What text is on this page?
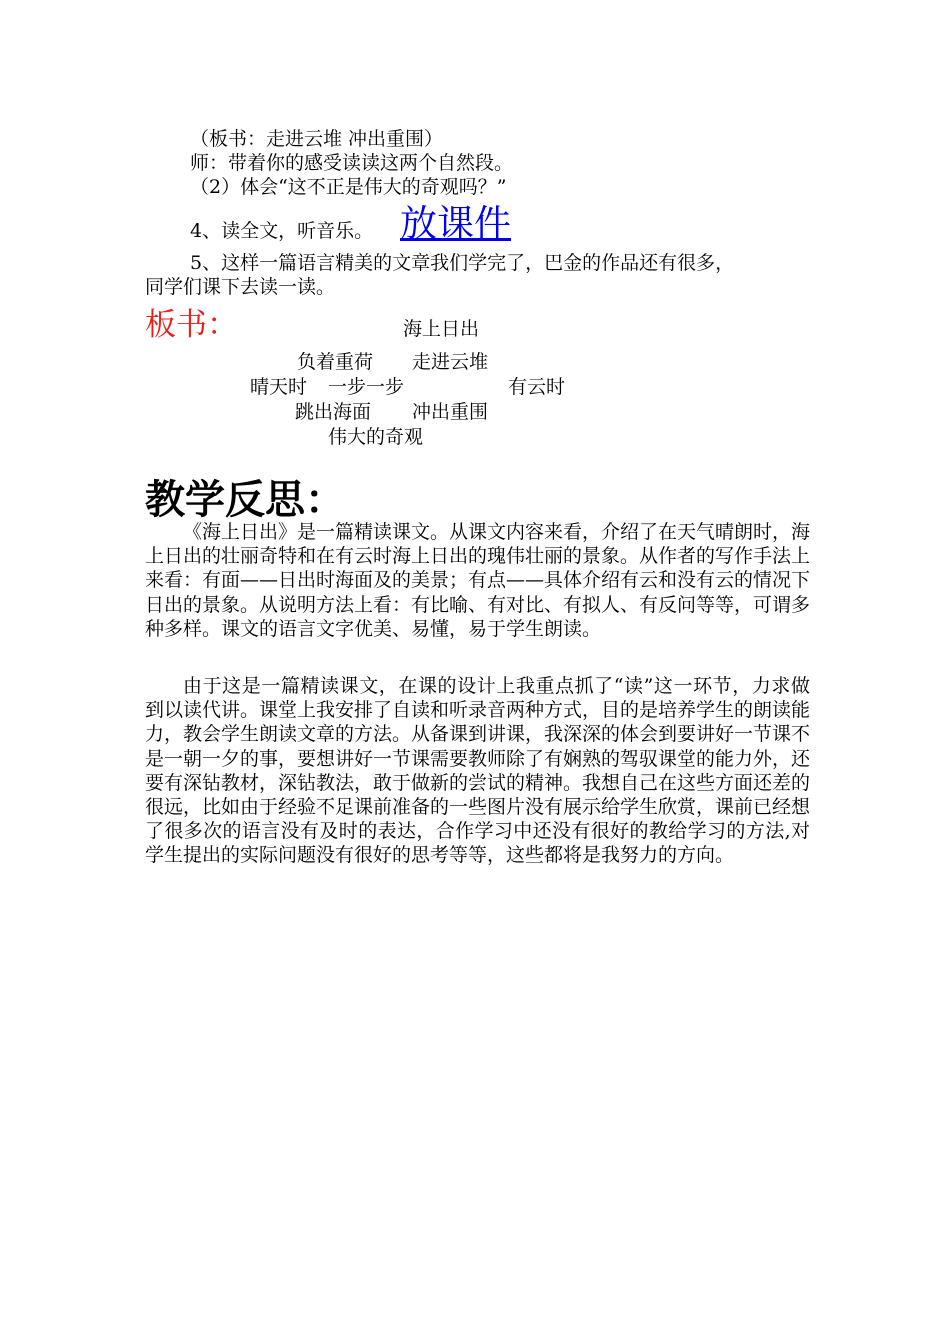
（板书：走进云堆 冲出重围）
师：带着你的感受读读这两个自然段。
（2）体会“这不正是伟大的奇观吗？”
4、读全文，听音乐。 放课件
5、这样一篇语言精美的文章我们学完了，巴金的作品还有很多，
同学们课下去读一读。
板书：	海上日出
负着重荷 走进云堆
晴天时 一步一步	有云时
跳出海面 冲出重围
伟大的奇观
教学反思：
《海上日出》是一篇精读课文。从课文内容来看，介绍了在天气晴朗时，海上日出的壮丽奇特和在有云时海上日出的瑰伟壮丽的景象。从作者的写作手法上来看：有面——日出时海面及的美景；有点——具体介绍有云和没有云的情况下日出的景象。从说明方法上看：有比喻、有对比、有拟人、有反问等等，可谓多种多样。课文的语言文字优美、易懂，易于学生朗读。
由于这是一篇精读课文，在课的设计上我重点抓了“读”这一环节，力求做到以读代讲。课堂上我安排了自读和听录音两种方式，目的是培养学生的朗读能力，教会学生朗读文章的方法。从备课到讲课，我深深的体会到要讲好一节课不是一朝一夕的事，要想讲好一节课需要教师除了有娴熟的驾驭课堂的能力外，还要有深钻教材，深钻教法，敢于做新的尝试的精神。我想自己在这些方面还差的很远，比如由于经验不足课前准备的一些图片没有展示给学生欣赏，课前已经想了很多次的语言没有及时的表达，合作学习中还没有很好的教给学习的方法,对学生提出的实际问题没有很好的思考等等，这些都将是我努力的方向。
